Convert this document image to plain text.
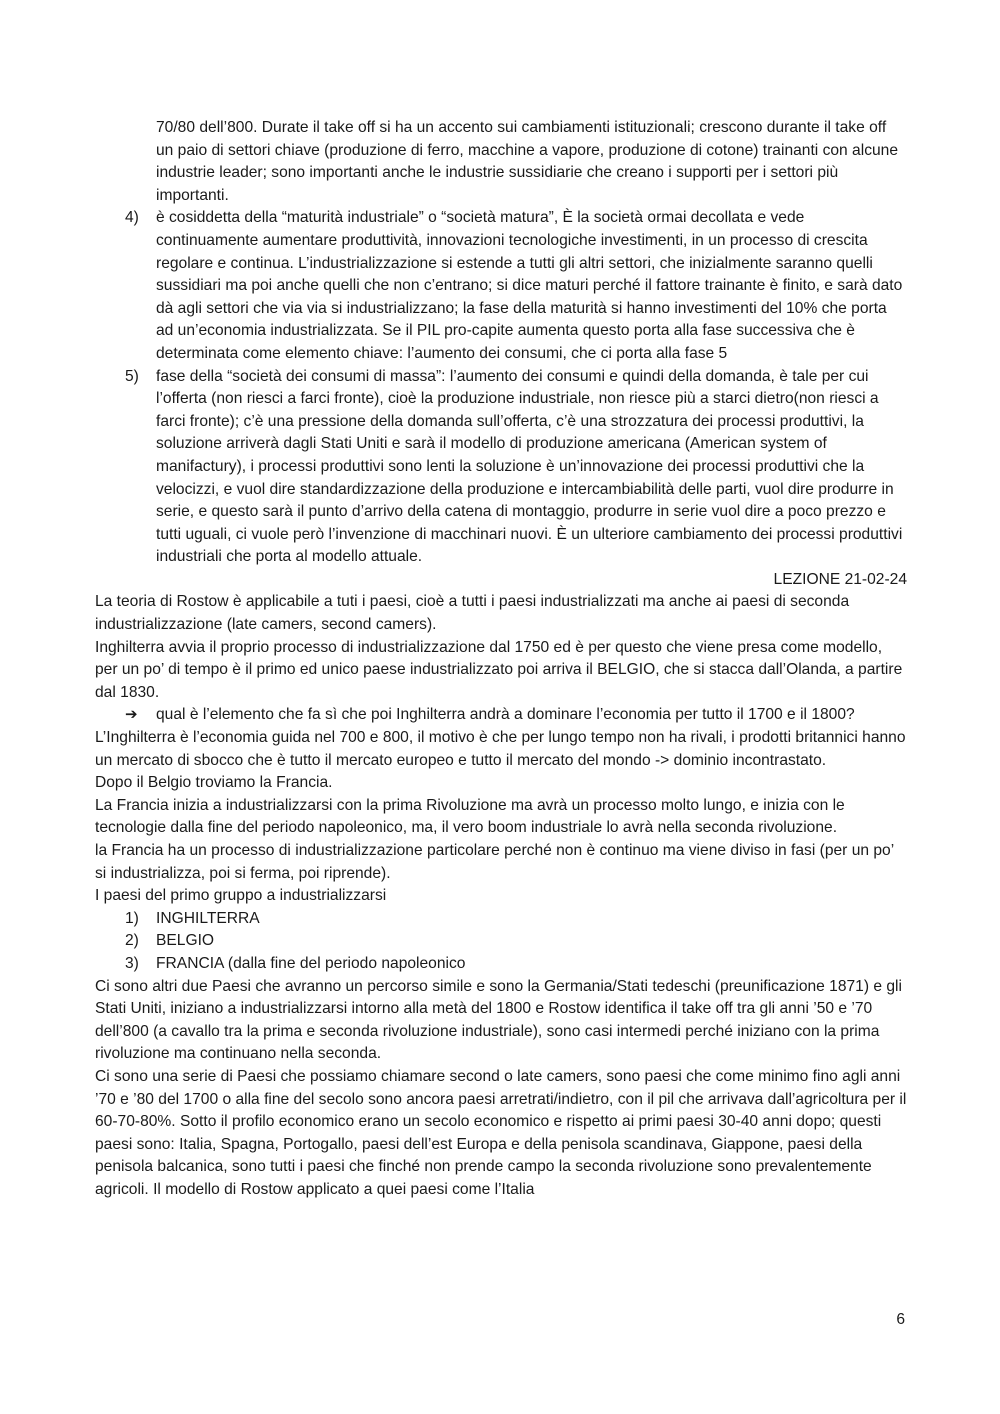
70/80 dell’800. Durate il take off si ha un accento sui cambiamenti istituzionali; crescono durante il take off un paio di settori chiave (produzione di ferro, macchine a vapore, produzione di cotone) trainanti con alcune industrie leader; sono importanti anche le industrie sussidiarie che creano i supporti per i settori più importanti.

4) è cosiddetta della “maturità industriale” o “società matura”, È la società ormai decollata e vede continuamente aumentare produttività, innovazioni tecnologiche investimenti, in un processo di crescita regolare e continua. L’industrializzazione si estende a tutti gli altri settori, che inizialmente saranno quelli sussidiari ma poi anche quelli che non c’entrano; si dice maturi perché il fattore trainante è finito, e sarà dato dà agli settori che via via si industrializzano; la fase della maturità si hanno investimenti del 10% che porta ad un’economia industrializzata. Se il PIL pro-capite aumenta questo porta alla fase successiva che è determinata come elemento chiave: l’aumento dei consumi, che ci porta alla fase 5
5) fase della “società dei consumi di massa”: l’aumento dei consumi e quindi della domanda, è tale per cui l’offerta (non riesci a farci fronte), cioè la produzione industriale, non riesce più a starci dietro(non riesci a farci fronte); c’è una pressione della domanda sull’offerta, c’è una strozzatura dei processi produttivi, la soluzione arriverà dagli Stati Uniti e sarà il modello di produzione americana (American system of manifactury), i processi produttivi sono lenti la soluzione è un’innovazione dei processi produttivi che la velocizzi, e vuol dire standardizzazione della produzione e intercambiabilità delle parti, vuol dire produrre in serie, e questo sarà il punto d’arrivo della catena di montaggio, produrre in serie vuol dire a poco prezzo e tutti uguali, ci vuole però l’invenzione di macchinari nuovi. È un ulteriore cambiamento dei processi produttivi industriali che porta al modello attuale.
LEZIONE 21-02-24

La teoria di Rostow è applicabile a tuti i paesi, cioè a tutti i paesi industrializzati ma anche ai paesi di seconda industrializzazione (late camers, second camers).

Inghilterra avvia il proprio processo di industrializzazione dal 1750 ed è per questo che viene presa come modello, per un po’ di tempo è il primo ed unico paese industrializzato poi arriva il BELGIO, che si stacca dall’Olanda, a partire dal 1830.

➔ qual è l’elemento che fa sì che poi Inghilterra andrà a dominare l’economia per tutto il 1700 e il 1800?

L’Inghilterra è l’economia guida nel 700 e 800, il motivo è che per lungo tempo non ha rivali, i prodotti britannici hanno un mercato di sbocco che è tutto il mercato europeo e tutto il mercato del mondo -> dominio incontrastato.

Dopo il Belgio troviamo la Francia.

La Francia inizia a industrializzarsi con la prima Rivoluzione ma avrà un processo molto lungo, e inizia con le tecnologie dalla fine del periodo napoleonico, ma, il vero boom industriale lo avrà nella seconda rivoluzione.

la Francia ha un processo di industrializzazione particolare perché non è continuo ma viene diviso in fasi (per un po’ si industrializza, poi si ferma, poi riprende).

I paesi del primo gruppo a industrializzarsi

1) INGHILTERRA
2) BELGIO
3) FRANCIA (dalla fine del periodo napoleonico

Ci sono altri due Paesi che avranno un percorso simile e sono la Germania/Stati tedeschi (preunificazione 1871) e gli Stati Uniti, iniziano a industrializzarsi intorno alla metà del 1800 e Rostow identifica il take off tra gli anni ’50 e ’70 dell’800 (a cavallo tra la prima e seconda rivoluzione industriale), sono casi intermedi perché iniziano con la prima rivoluzione ma continuano nella seconda.

Ci sono una serie di Paesi che possiamo chiamare second o late camers, sono paesi che come minimo fino agli anni ’70 e ’80 del 1700 o alla fine del secolo sono ancora paesi arretrati/indietro, con il pil che arrivava dall’agricoltura per il 60-70-80%. Sotto il profilo economico erano un secolo economico e rispetto ai primi paesi 30-40 anni dopo; questi paesi sono: Italia, Spagna, Portogallo, paesi dell’est Europa e della penisola scandinava, Giappone, paesi della penisola balcanica, sono tutti i paesi che finché non prende campo la seconda rivoluzione sono prevalentemente agricoli. Il modello di Rostow applicato a quei paesi come l’Italia

6
